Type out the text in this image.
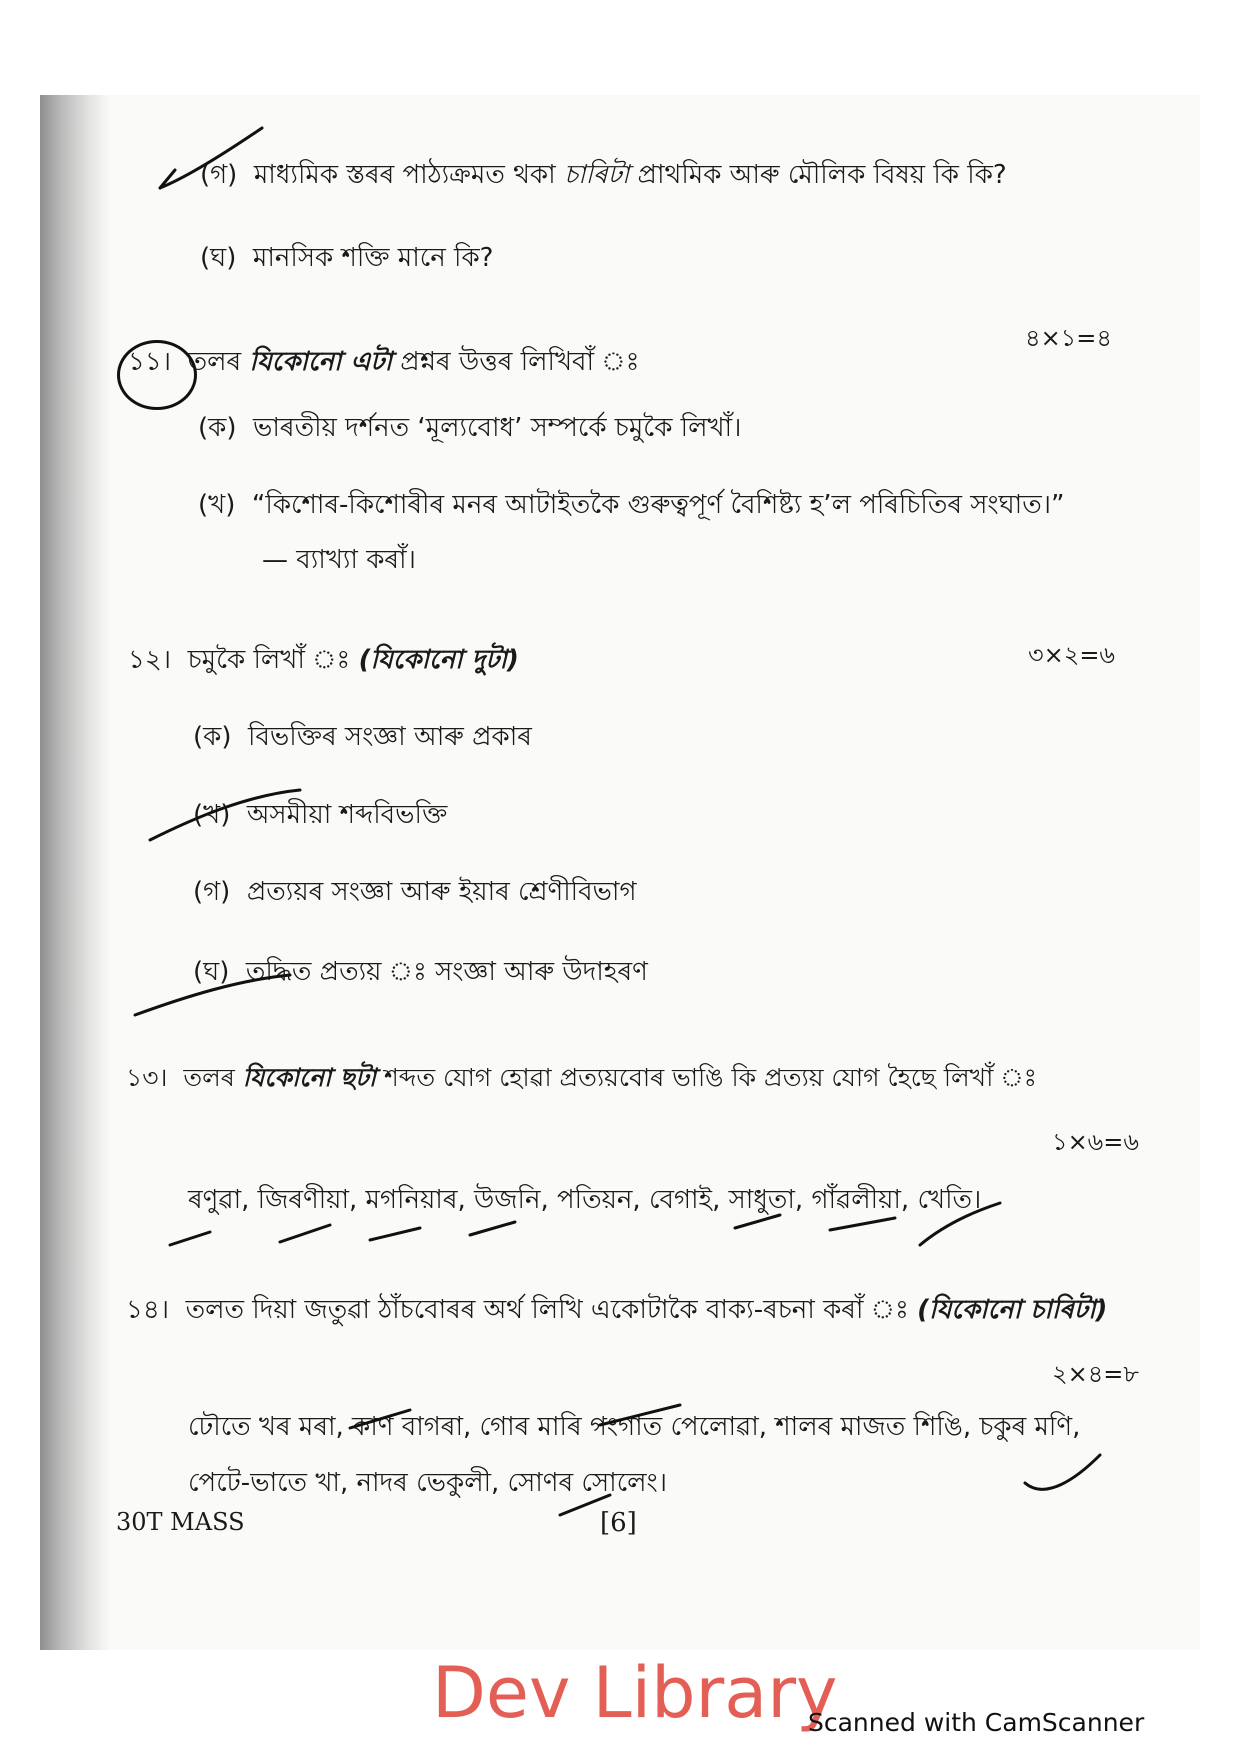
(গ) মাধ্যমিক স্তৰৰ পাঠ্যক্ৰমত থকা চাৰিটা প্ৰাথমিক আৰু মৌলিক বিষয় কি কি?
(ঘ) মানসিক শক্তি মানে কি?
১১। তলৰ যিকোনো এটা প্ৰশ্নৰ উত্তৰ লিখিবাঁ ঃ
৪×১=৪
(ক) ভাৰতীয় দৰ্শনত ‘মূল্যবোধ’ সম্পৰ্কে চমুকৈ লিখাঁ।
(খ) “কিশোৰ-কিশোৰীৰ মনৰ আটাইতকৈ গুৰুত্বপূৰ্ণ বৈশিষ্ট্য হ’ল পৰিচিতিৰ সংঘাত।”
— ব্যাখ্যা কৰাঁ।
১২। চমুকৈ লিখাঁ ঃ (যিকোনো দুটা)	৩×২=৬
(ক) বিভক্তিৰ সংজ্ঞা আৰু প্ৰকাৰ
(খ) অসমীয়া শব্দবিভক্তি
(গ) প্ৰত্যয়ৰ সংজ্ঞা আৰু ইয়াৰ শ্ৰেণীবিভাগ
(ঘ) তদ্ধিত প্ৰত্যয় ঃ সংজ্ঞা আৰু উদাহৰণ
১৩। তলৰ যিকোনো ছটা শব্দত যোগ হোৱা প্ৰত্যয়বোৰ ভাঙি কি প্ৰত্যয় যোগ হৈছে লিখাঁ ঃ
১×৬=৬
ৰণুৱা, জিৰণীয়া, মগনিয়াৰ, উজনি, পতিয়ন, বেগাই, সাধুতা, গাঁৱলীয়া, খেতি।
১৪। তলত দিয়া জতুৱা ঠাঁচবোৰৰ অৰ্থ লিখি একোটাকৈ বাক্য-ৰচনা কৰাঁ ঃ (যিকোনো চাৰিটা)
২×৪=৮
ঢৌতে খৰ মৰা, কাণ বাগৰা, গোৰ মাৰি গংগাত পেলোৱা, শালৰ মাজত শিঙি, চকুৰ মণি,
পেটে-ভাতে খা, নাদৰ ভেকুলী, সোণৰ সোলেং।
30T MASS	[6]
Dev Library
Scanned with CamScanner
